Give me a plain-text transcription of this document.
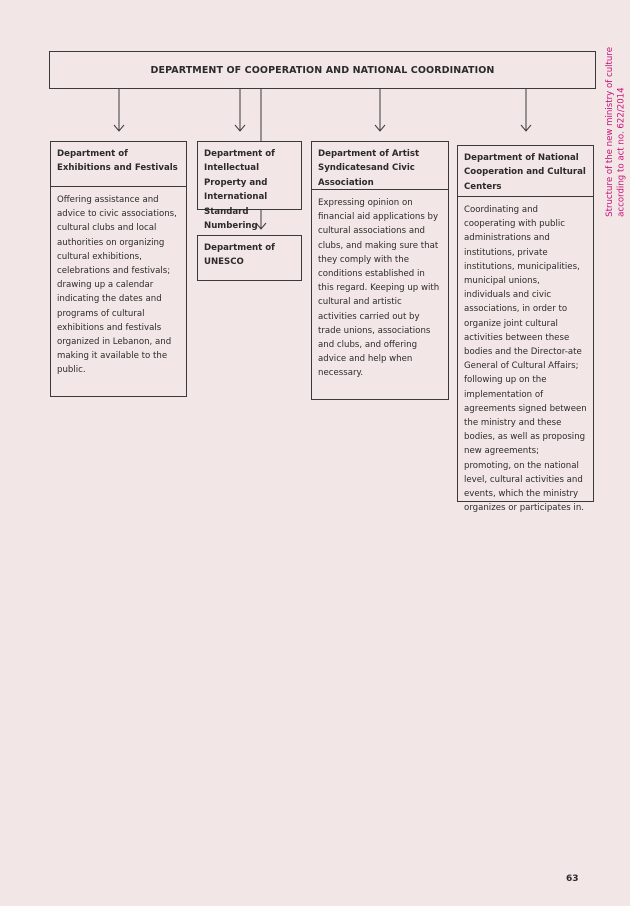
DEPARTMENT OF COOPERATION AND NATIONAL COORDINATION
Department of Exhibitions and Festivals
Offering assistance and advice to civic associations, cultural clubs and local authorities on organizing cultural exhibitions, celebrations and festivals; drawing up a calendar indicating the dates and programs of cultural exhibitions and festivals organized in Lebanon, and making it available to the public.
Department of Intellectual Property and International Standard Numbering
Department of UNESCO
Department of Artist Syndicatesand Civic Association
Expressing opinion on financial aid applications by cultural associations and clubs, and making sure that they comply with the conditions established in this regard. Keeping up with cultural and artistic activities carried out by trade unions, associations and clubs, and offering advice and help when necessary.
Department of National Cooperation and Cultural Centers
Coordinating and cooperating with public administrations and institutions, private institutions, municipalities, municipal unions, individuals and civic associations, in order to organize joint cultural activities between these bodies and the Director-ate General of Cultural Affairs; following up on the implementation of agreements signed between the ministry and these bodies, as well as proposing new agreements; promoting, on the national level, cultural activities and events, which the ministry organizes or participates in.
Structure of the new ministry of culture
according to act no. 622/2014
63
